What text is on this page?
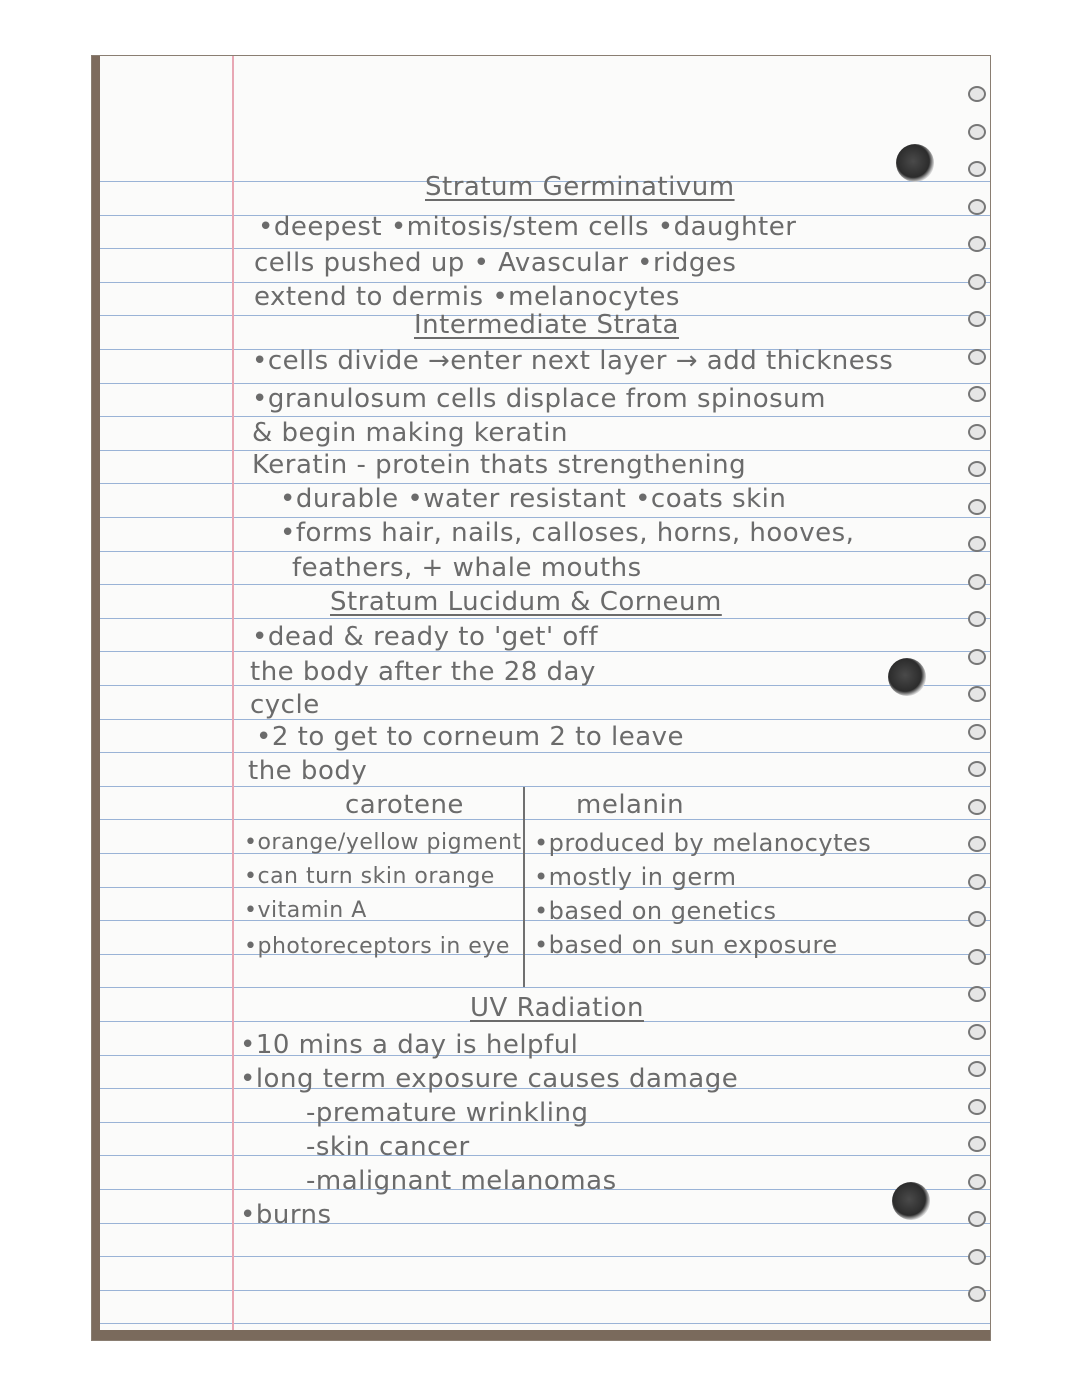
Stratum Germinativum

•deepest •mitosis/stem cells •daughter

cells pushed up • Avascular •ridges

extend to dermis •melanocytes

Intermediate Strata

•cells divide →enter next layer → add thickness

•granulosum cells displace from spinosum

& begin making keratin

Keratin - protein thats strengthening

•durable •water resistant •coats skin

•forms hair, nails, calloses, horns, hooves,

feathers, + whale mouths

Stratum Lucidum & Corneum

•dead & ready to 'get' off

the body after the 28 day

cycle

•2 to get to corneum 2 to leave

the body

carotene	melanin

•orange/yellow pigment

•can turn skin orange

•vitamin A

•photoreceptors in eye

•produced by melanocytes

•mostly in germ

•based on genetics

•based on sun exposure

UV Radiation

•10 mins a day is helpful

•long term exposure causes damage

-premature wrinkling

-skin cancer

-malignant melanomas

•burns
